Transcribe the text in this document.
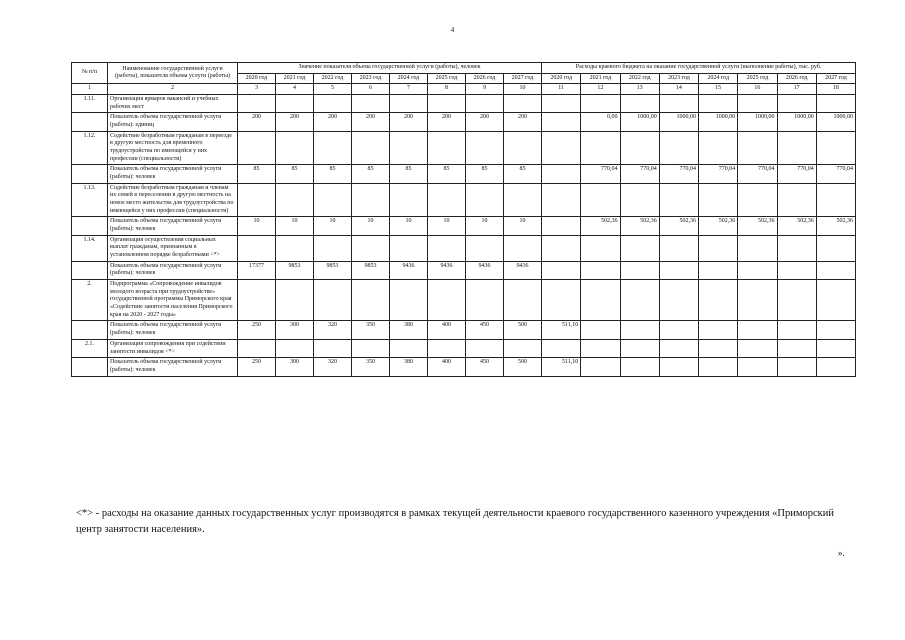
4
№ п/п	Наименование государственной услуги (работы), показателя объема услуги (работы)	Значение показателя объема государственной услуги (работы), человек								Расходы краевого бюджета на оказание государственной услуги (выполнение работы), тыс. руб.							
		2020 год	2021 год	2022 год	2023 год	2024 год	2025 год	2026 год	2027 год	2020 год	2021 год	2022 год	2023 год	2024 год	2025 год	2026 год	2027 год
1	2	3	4	5	6	7	8	9	10	11	12	13	14	15	16	17	18
1.11.	Организация ярмарок вакансий и учебных рабочих мест																
	Показатель объема государственной услуги (работы): единиц	200	200	200	200	200	200	200	200		0,00	1000,00	1000,00	1000,00	1000,00	1000,00	1000,00
1.12.	Содействие безработным гражданам в переезде в другую местность для временного трудоустройства по имеющейся у них профессии (специальности)																
	Показатель объема государственной услуги (работы): человек	85	85	85	85	85	85	85	85		770,04	770,04	770,04	770,04	770,04	770,04	770,04
1.13.	Содействие безработным гражданам и членам их семей в переселении в другую местность на новое место жительства для трудоустройства по имеющейся у них профессии (специальности)																
	Показатель объема государственной услуги (работы): человек	10	10	10	10	10	10	10	10		502,36	502,36	502,36	502,36	502,36	502,36	502,36
1.14.	Организация осуществления социальных выплат гражданам, признанным в установленном порядке безработными <*>																
	Показатель объема государственной услуги (работы): человек	17377	9853	9853	9853	9436	9436	9436	9436								
2.	Подпрограмма «Сопровождение инвалидов молодого возраста при трудоустройстве» государственной программы Приморского края «Содействие занятости населения Приморского края на 2020 - 2027 годы»																
	Показатель объема государственной услуги (работы): человек	250	300	320	350	380	400	450	500	511,10							
2.1.	Организация сопровождения при содействии занятости инвалидов <*>																
	Показатель объема государственной услуги (работы): человек	250	300	320	350	380	400	450	500	511,10							
<*> - расходы на оказание данных государственных услуг производятся в рамках текущей деятельности краевого государственного казенного учреждения «Приморский центр занятости населения».
».
